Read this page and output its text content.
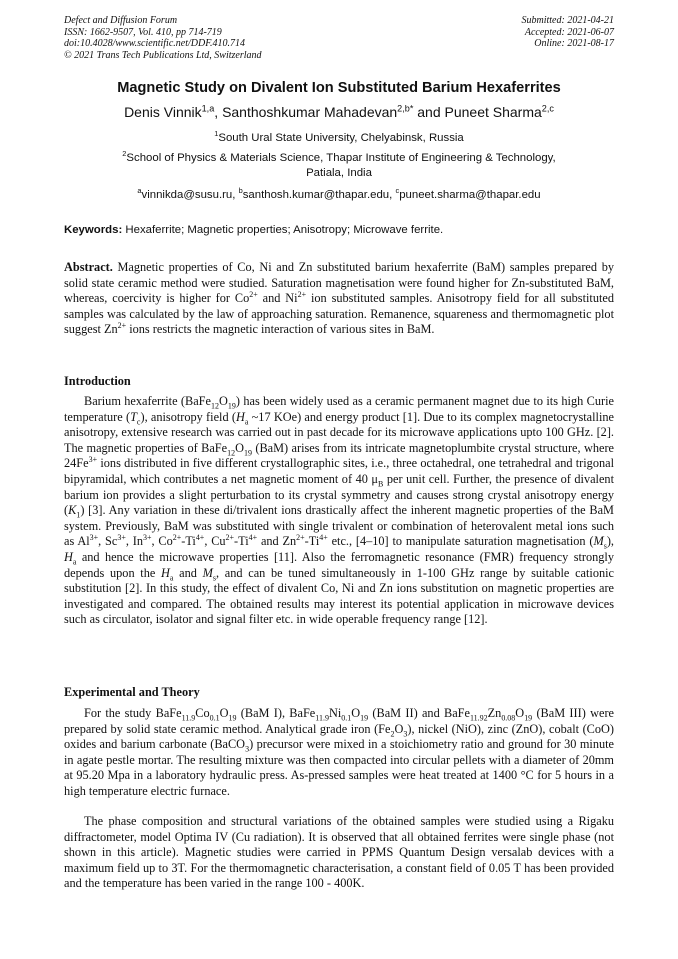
Defect and Diffusion Forum
ISSN: 1662-9507, Vol. 410, pp 714-719
doi:10.4028/www.scientific.net/DDF.410.714
© 2021 Trans Tech Publications Ltd, Switzerland
Submitted: 2021-04-21
Accepted: 2021-06-07
Online: 2021-08-17
Magnetic Study on Divalent Ion Substituted Barium Hexaferrites
Denis Vinnik$^{1,a}$, Santhoshkumar Mahadevan$^{2,b*}$ and Puneet Sharma$^{2,c}$
$^1$South Ural State University, Chelyabinsk, Russia
$^2$School of Physics & Materials Science, Thapar Institute of Engineering & Technology,
Patiala, India
$^a$vinnikda@susu.ru, $^b$santhosh.kumar@thapar.edu, $^c$puneet.sharma@thapar.edu
Keywords: Hexaferrite; Magnetic properties; Anisotropy; Microwave ferrite.
Abstract. Magnetic properties of Co, Ni and Zn substituted barium hexaferrite (BaM) samples prepared by solid state ceramic method were studied. Saturation magnetisation were found higher for Zn-substituted BaM, whereas, coercivity is higher for $Co^{2+}$ and $Ni^{2+}$ ion substituted samples. Anisotropy field for all substituted samples was calculated by the law of approaching saturation. Remanence, squareness and thermomagnetic plot suggest $Zn^{2+}$ ions restricts the magnetic interaction of various sites in BaM.
Introduction
Barium hexaferrite $(BaFe_{12}O_{19})$ has been widely used as a ceramic permanent magnet due to its high Curie temperature $(T_c)$, anisotropy field ($H_a$ ~17 KOe) and energy product [1]. Due to its complex magnetocrystalline anisotropy, extensive research was carried out in past decade for its microwave applications upto 100 GHz. [2]. The magnetic properties of $BaFe_{12}O_{19}$ (BaM) arises from its intricate magnetoplumbite crystal structure, where $24Fe^{3+}$ ions distributed in five different crystallographic sites, i.e., three octahedral, one tetrahedral and trigonal bipyramidal, which contributes a net magnetic moment of 40 $\mu_B$ per unit cell. Further, the presence of divalent barium ion provides a slight perturbation to its crystal symmetry and causes strong crystal anisotropy energy $(K_1)$ [3]. Any variation in these di/trivalent ions drastically affect the inherent magnetic properties of the BaM system. Previously, BaM was substituted with single trivalent or combination of heterovalent metal ions such as $Al^{3+}$, $Sc^{3+}$, $In^{3+}$, $Co^{2+}-Ti^{4+}$, $Cu^{2+}-Ti^{4+}$ and $Zn^{2+}-Ti^{4+}$ etc., [4–10] to manipulate saturation magnetisation $(M_s)$, $H_a$ and hence the microwave properties [11]. Also the ferromagnetic resonance (FMR) frequency strongly depends upon the $H_a$ and $M_s$, and can be tuned simultaneously in 1-100 GHz range by suitable cationic substitution [2]. In this study, the effect of divalent Co, Ni and Zn ions substitution on magnetic properties are investigated and compared. The obtained results may interest its potential application in microwave devices such as circulator, isolator and signal filter etc. in wide operable frequency range [12].
Experimental and Theory
For the study $BaFe_{11.9}Co_{0.1}O_{19}$ (BaM I), $BaFe_{11.9}Ni_{0.1}O_{19}$ (BaM II) and $BaFe_{11.92}Zn_{0.08}O_{19}$ (BaM III) were prepared by solid state ceramic method. Analytical grade iron $(Fe_2O_3)$, nickel (NiO), zinc (ZnO), cobalt (CoO) oxides and barium carbonate (BaCO$_3$) precursor were mixed in a stoichiometry ratio and ground for 30 minute in agate pestle mortar. The resulting mixture was then compacted into circular pellets with a diameter of 20mm at 95.20 Mpa in a laboratory hydraulic press. As-pressed samples were heat treated at 1400 °C for 5 hours in a high temperature electric furnace.
The phase composition and structural variations of the obtained samples were studied using a Rigaku diffractometer, model Optima IV (Cu radiation). It is observed that all obtained ferrites were single phase (not shown in this article). Magnetic studies were carried in PPMS Quantum Design versalab devices with a maximum field up to 3T. For the thermomagnetic characterisation, a constant field of 0.05 T has been provided and the temperature has been varied in the range 100 - 400K.
